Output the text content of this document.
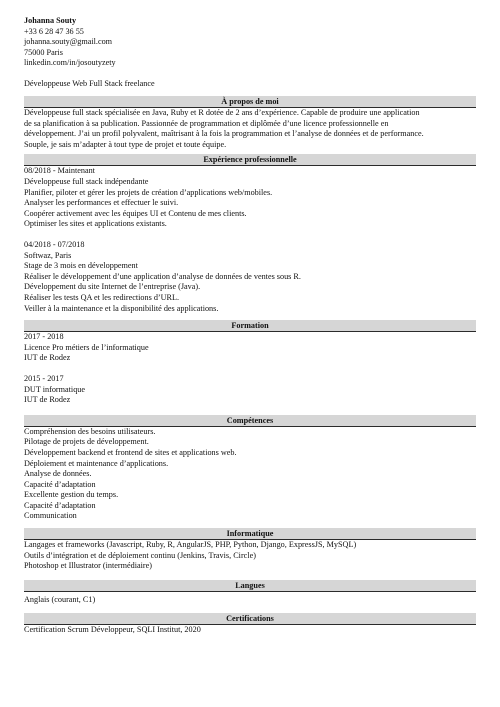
Johanna Souty
+33 6 28 47 36 55
johanna.souty@gmail.com
75000 Paris
linkedin.com/in/josoutyzety
Développeuse Web Full Stack freelance
À propos de moi
Développeuse full stack spécialisée en Java, Ruby et R dotée de 2 ans d’expérience. Capable de produire une application
de sa planification à sa publication. Passionnée de programmation et diplômée d’une licence professionnelle en
développement. J’ai un profil polyvalent, maîtrisant à la fois la programmation et l’analyse de données et de performance.
Souple, je sais m’adapter à tout type de projet et toute équipe.
Expérience professionnelle
08/2018 - Maintenant
Développeuse full stack indépendante
Planifier, piloter et gérer les projets de création d’applications web/mobiles.
Analyser les performances et effectuer le suivi.
Coopérer activement avec les équipes UI et Contenu de mes clients.
Optimiser les sites et applications existants.
04/2018 - 07/2018
Softwaz, Paris
Stage de 3 mois en développement
Réaliser le développement d’une application d’analyse de données de ventes sous R.
Développement du site Internet de l’entreprise (Java).
Réaliser les tests QA et les redirections d’URL.
Veiller à la maintenance et la disponibilité des applications.
Formation
2017 - 2018
Licence Pro métiers de l’informatique
IUT de Rodez
2015 - 2017
DUT informatique
IUT de Rodez
Compétences
Compréhension des besoins utilisateurs.
Pilotage de projets de développement.
Développement backend et frontend de sites et applications web.
Déploiement et maintenance d’applications.
Analyse de données.
Capacité d’adaptation
Excellente gestion du temps.
Capacité d’adaptation
Communication
Informatique
Langages et frameworks (Javascript, Ruby, R, AngularJS, PHP, Python, Django, ExpressJS, MySQL)
Outils d’intégration et de déploiement continu (Jenkins, Travis, Circle)
Photoshop et Illustrator (intermédiaire)
Langues
Anglais (courant, C1)
Certifications
Certification Scrum Développeur, SQLI Institut, 2020
